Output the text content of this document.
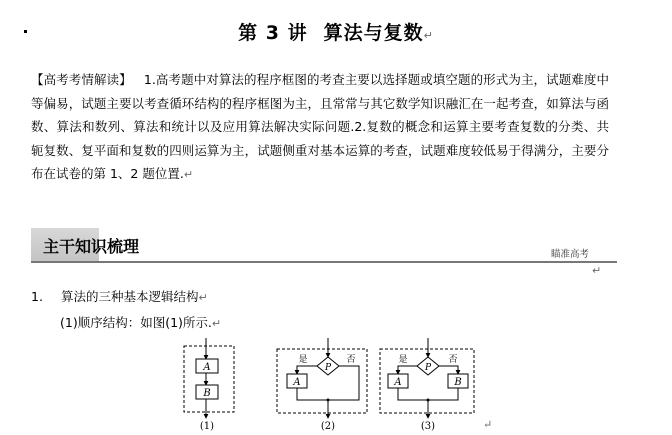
第 3 讲 算法与复数↵
【高考考情解读】 1.高考题中对算法的程序框图的考查主要以选择题或填空题的形式为主，试题难度中等偏易，试题主要以考查循环结构的程序框图为主，且常常与其它数学知识融汇在一起考查，如算法与函数、算法和数列、算法和统计以及应用算法解决实际问题.2.复数的概念和运算主要考查复数的分类、共轭复数、复平面和复数的四则运算为主，试题侧重对基本运算的考查，试题难度较低易于得满分，主要分布在试卷的第 1、2 题位置.↵
主干知识梳理	瞄准高考
↵
1. 算法的三种基本逻辑结构↵
(1)顺序结构：如图(1)所示.↵
A
B
(1)
P
是	否
A
(2)
P
是	否
A	B
(3)	↵
